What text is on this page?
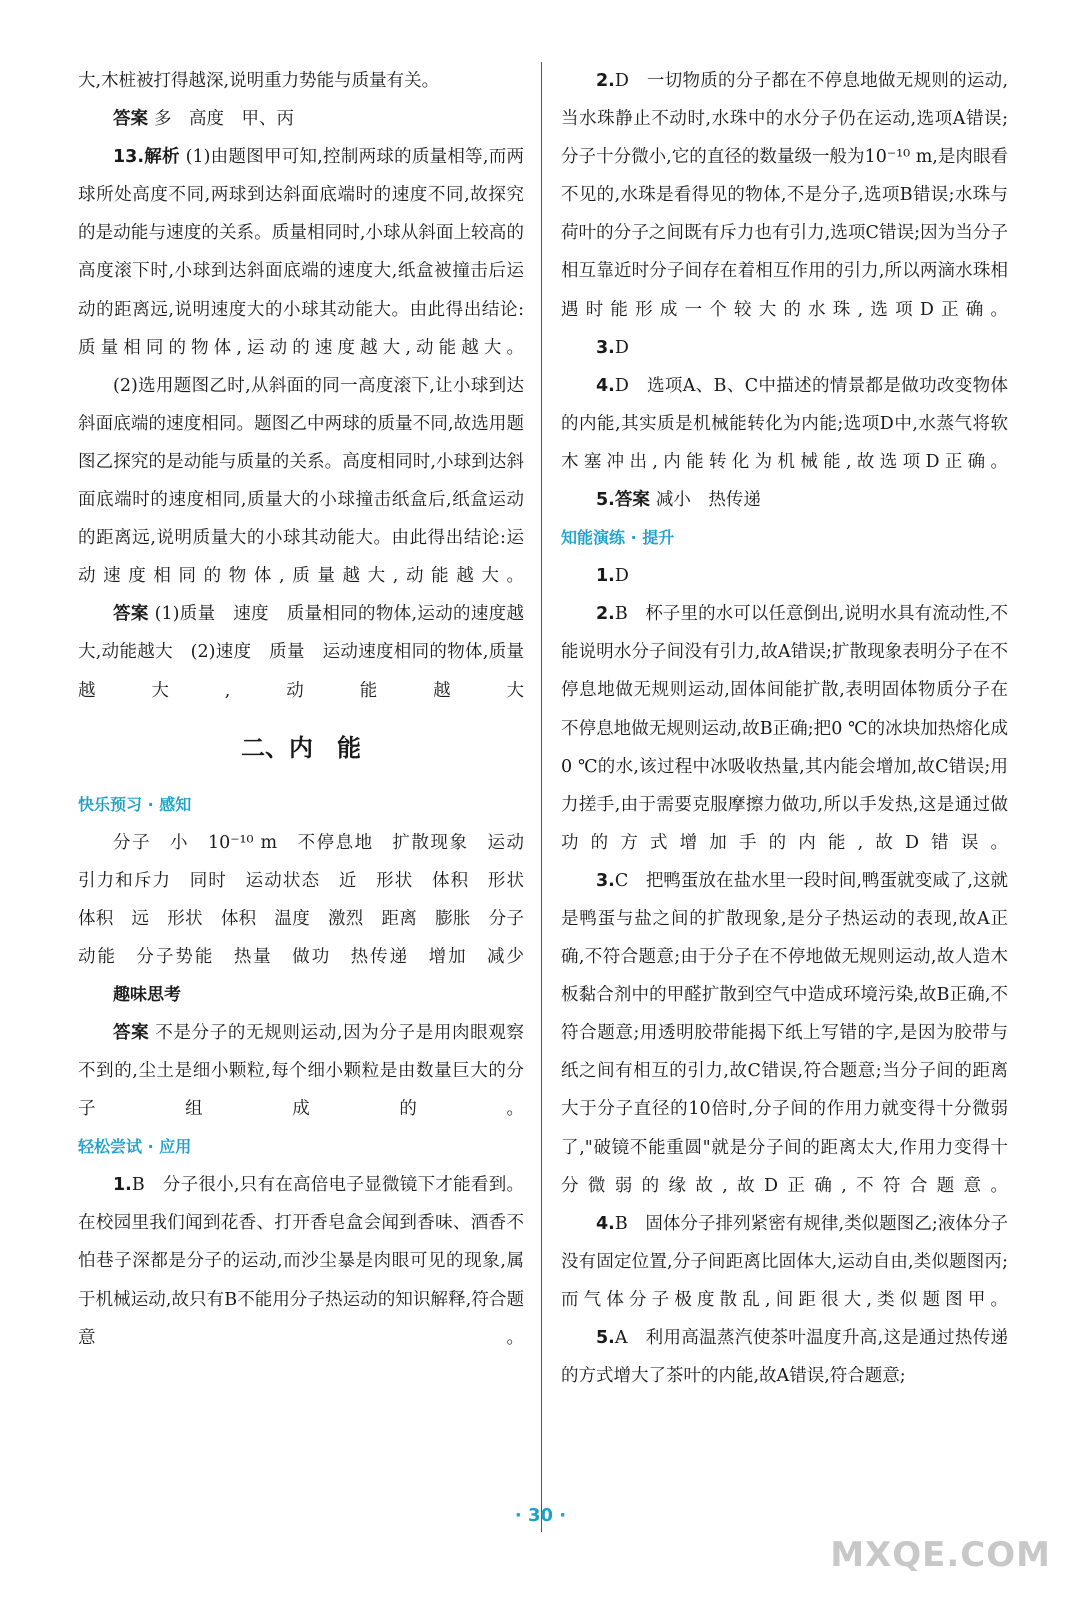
大,木桩被打得越深,说明重力势能与质量有关。

答案 多　高度　甲、丙

13.解析 (1)由题图甲可知,控制两球的质量相等,而两球所处高度不同,两球到达斜面底端时的速度不同,故探究的是动能与速度的关系。质量相同时,小球从斜面上较高的高度滚下时,小球到达斜面底端的速度大,纸盒被撞击后运动的距离远,说明速度大的小球其动能大。由此得出结论:质量相同的物体,运动的速度越大,动能越大。

(2)选用题图乙时,从斜面的同一高度滚下,让小球到达斜面底端的速度相同。题图乙中两球的质量不同,故选用题图乙探究的是动能与质量的关系。高度相同时,小球到达斜面底端时的速度相同,质量大的小球撞击纸盒后,纸盒运动的距离远,说明质量大的小球其动能大。由此得出结论:运动速度相同的物体,质量越大,动能越大。

答案 (1)质量　速度　质量相同的物体,运动的速度越大,动能越大　(2)速度　质量　运动速度相同的物体,质量越大,动能越大

二、内　能

快乐预习 · 感知

分子　小　10⁻¹⁰ m　不停息地　扩散现象　运动　引力和斥力　同时　运动状态　近　形状　体积　形状　体积　远　形状　体积　温度　激烈　距离　膨胀　分子动能　分子势能　热量　做功　热传递　增加　减少

趣味思考

答案 不是分子的无规则运动,因为分子是用肉眼观察不到的,尘土是细小颗粒,每个细小颗粒是由数量巨大的分子组成的。

轻松尝试 · 应用

1.B　 分子很小,只有在高倍电子显微镜下才能看到。在校园里我们闻到花香、打开香皂盒会闻到香味、酒香不怕巷子深都是分子的运动,而沙尘暴是肉眼可见的现象,属于机械运动,故只有B不能用分子热运动的知识解释,符合题意。

2.D　 一切物质的分子都在不停息地做无规则的运动,当水珠静止不动时,水珠中的水分子仍在运动,选项A错误;分子十分微小,它的直径的数量级一般为10⁻¹⁰ m,是肉眼看不见的,水珠是看得见的物体,不是分子,选项B错误;水珠与荷叶的分子之间既有斥力也有引力,选项C错误;因为当分子相互靠近时分子间存在着相互作用的引力,所以两滴水珠相遇时能形成一个较大的水珠,选项D正确。

3.D

4.D　 选项A、B、C中描述的情景都是做功改变物体的内能,其实质是机械能转化为内能;选项D中,水蒸气将软木塞冲出,内能转化为机械能,故选项D正确。

5.答案 减小　热传递

知能演练 · 提升

1.D

2.B　 杯子里的水可以任意倒出,说明水具有流动性,不能说明水分子间没有引力,故A错误;扩散现象表明分子在不停息地做无规则运动,固体间能扩散,表明固体物质分子在不停息地做无规则运动,故B正确;把0 ℃的冰块加热熔化成0 ℃的水,该过程中冰吸收热量,其内能会增加,故C错误;用力搓手,由于需要克服摩擦力做功,所以手发热,这是通过做功的方式增加手的内能,故D错误。

3.C　 把鸭蛋放在盐水里一段时间,鸭蛋就变咸了,这就是鸭蛋与盐之间的扩散现象,是分子热运动的表现,故A正确,不符合题意;由于分子在不停地做无规则运动,故人造木板黏合剂中的甲醛扩散到空气中造成环境污染,故B正确,不符合题意;用透明胶带能揭下纸上写错的字,是因为胶带与纸之间有相互的引力,故C错误,符合题意;当分子间的距离大于分子直径的10倍时,分子间的作用力就变得十分微弱了,"破镜不能重圆"就是分子间的距离太大,作用力变得十分微弱的缘故,故D正确,不符合题意。

4.B　 固体分子排列紧密有规律,类似题图乙;液体分子没有固定位置,分子间距离比固体大,运动自由,类似题图丙;而气体分子极度散乱,间距很大,类似题图甲。

5.A　 利用高温蒸汽使茶叶温度升高,这是通过热传递的方式增大了茶叶的内能,故A错误,符合题意;

· 30 ·
MXQE.COM
